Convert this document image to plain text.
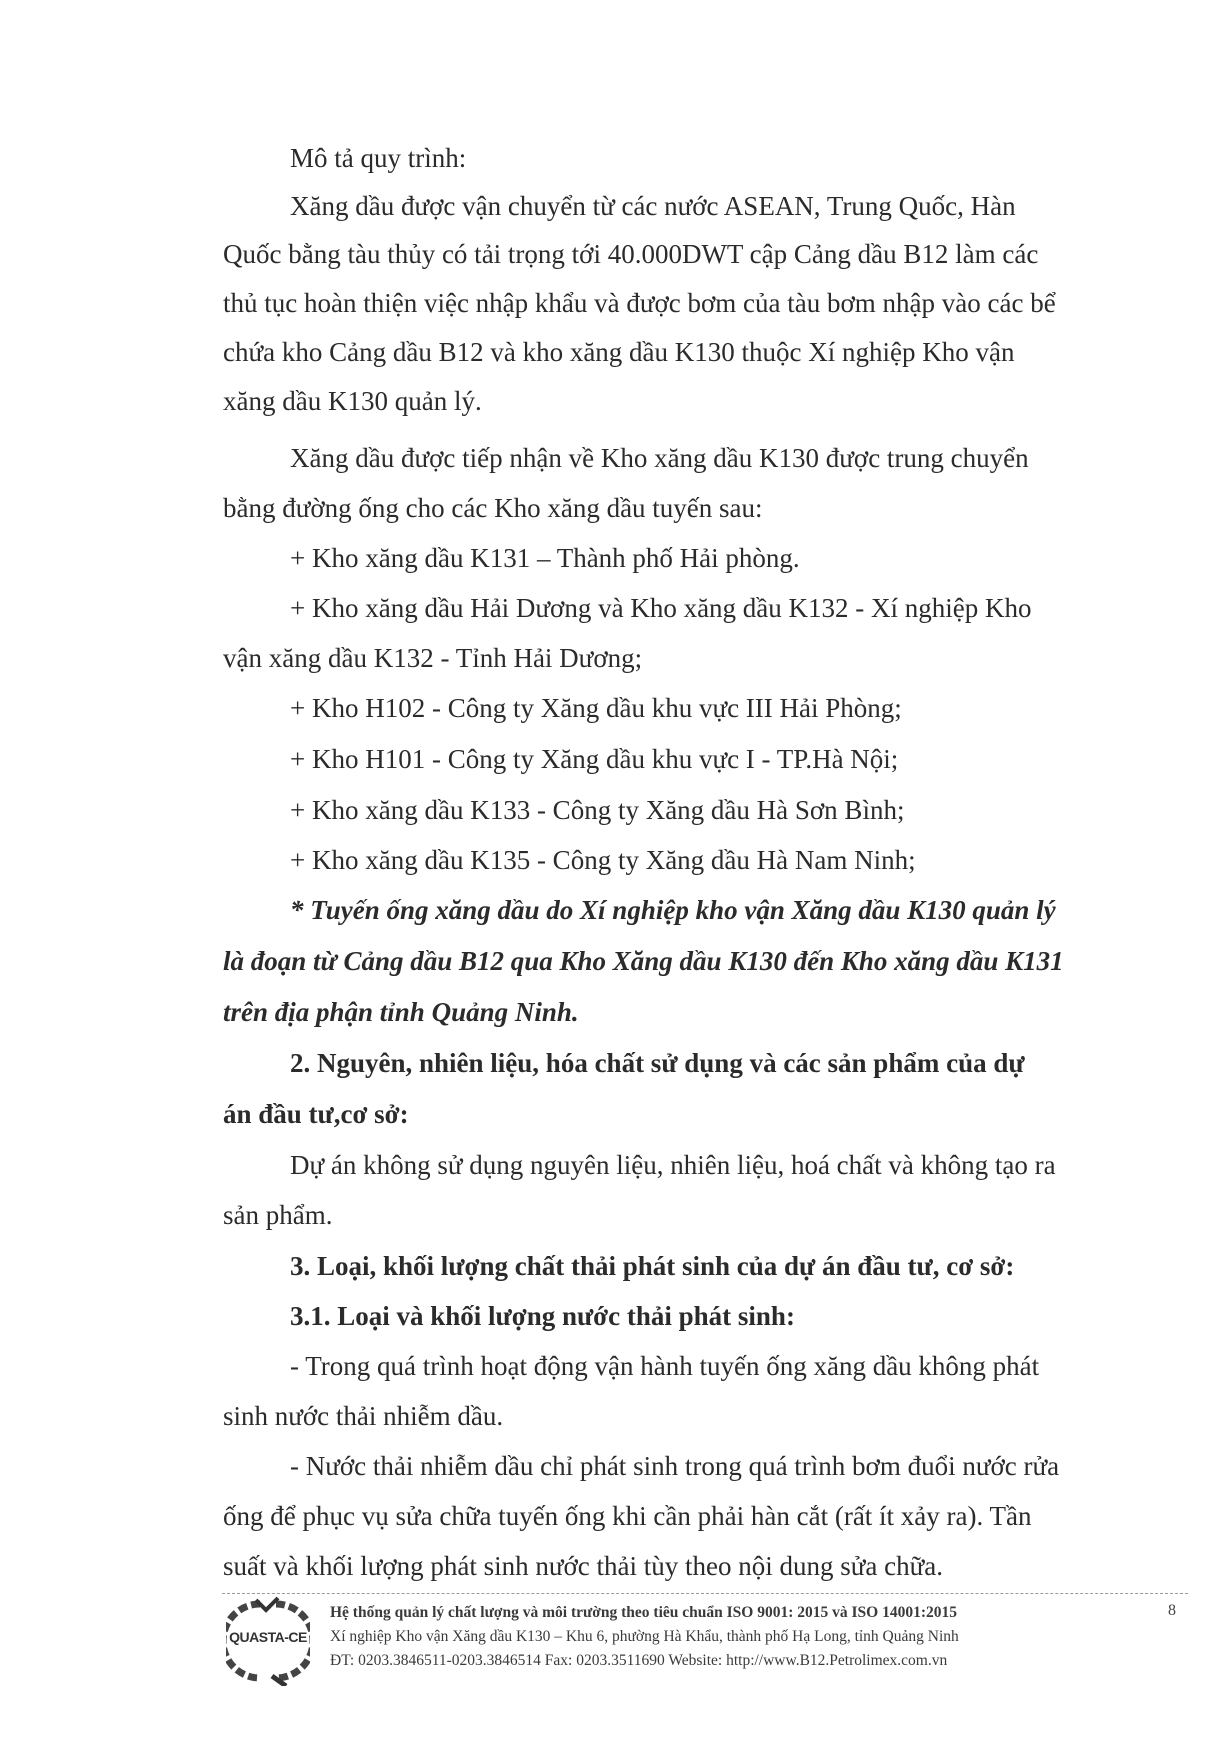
Mô tả quy trình:

Xăng dầu được vận chuyển từ các nước ASEAN, Trung Quốc, Hàn

Quốc bằng tàu thủy có tải trọng tới 40.000DWT cập Cảng dầu B12 làm các

thủ tục hoàn thiện việc nhập khẩu và được bơm của tàu bơm nhập vào các bể

chứa kho Cảng dầu B12 và kho xăng dầu K130 thuộc Xí nghiệp Kho vận

xăng dầu K130 quản lý.

Xăng dầu được tiếp nhận về Kho xăng dầu K130 được trung chuyển

bằng đường ống cho các Kho xăng dầu tuyến sau:

+ Kho xăng dầu K131 – Thành phố Hải phòng.

+ Kho xăng dầu Hải Dương và Kho xăng dầu K132 - Xí nghiệp Kho

vận xăng dầu K132 - Tỉnh Hải Dương;

+ Kho H102 - Công ty Xăng dầu khu vực III Hải Phòng;

+ Kho H101 - Công ty Xăng dầu khu vực I - TP.Hà Nội;

+ Kho xăng dầu K133 - Công ty Xăng dầu Hà Sơn Bình;

+ Kho xăng dầu K135 - Công ty Xăng dầu Hà Nam Ninh;

* Tuyến ống xăng dầu do Xí nghiệp kho vận Xăng dầu K130 quản lý

là đoạn từ Cảng dầu B12 qua Kho Xăng dầu K130 đến Kho xăng dầu K131

trên địa phận tỉnh Quảng Ninh.

2. Nguyên, nhiên liệu, hóa chất sử dụng và các sản phẩm của dự

án đầu tư,cơ sở:

Dự án không sử dụng nguyên liệu, nhiên liệu, hoá chất và không tạo ra

sản phẩm.

3. Loại, khối lượng chất thải phát sinh của dự án đầu tư, cơ sở:

3.1. Loại và khối lượng nước thải phát sinh:

- Trong quá trình hoạt động vận hành tuyến ống xăng dầu không phát

sinh nước thải nhiễm dầu.

- Nước thải nhiễm dầu chỉ phát sinh trong quá trình bơm đuổi nước rửa

ống để phục vụ sửa chữa tuyến ống khi cần phải hàn cắt (rất ít xảy ra). Tần

suất và khối lượng phát sinh nước thải tùy theo nội dung sửa chữa.

QUASTA-CE

Hệ thống quản lý chất lượng và môi trường theo tiêu chuẩn ISO 9001: 2015 và ISO 14001:2015

Xí nghiệp Kho vận Xăng dầu K130 – Khu 6, phường Hà Khẩu, thành phố Hạ Long, tỉnh Quảng Ninh

ĐT: 0203.3846511-0203.3846514 Fax: 0203.3511690 Website: http://www.B12.Petrolimex.com.vn

8
